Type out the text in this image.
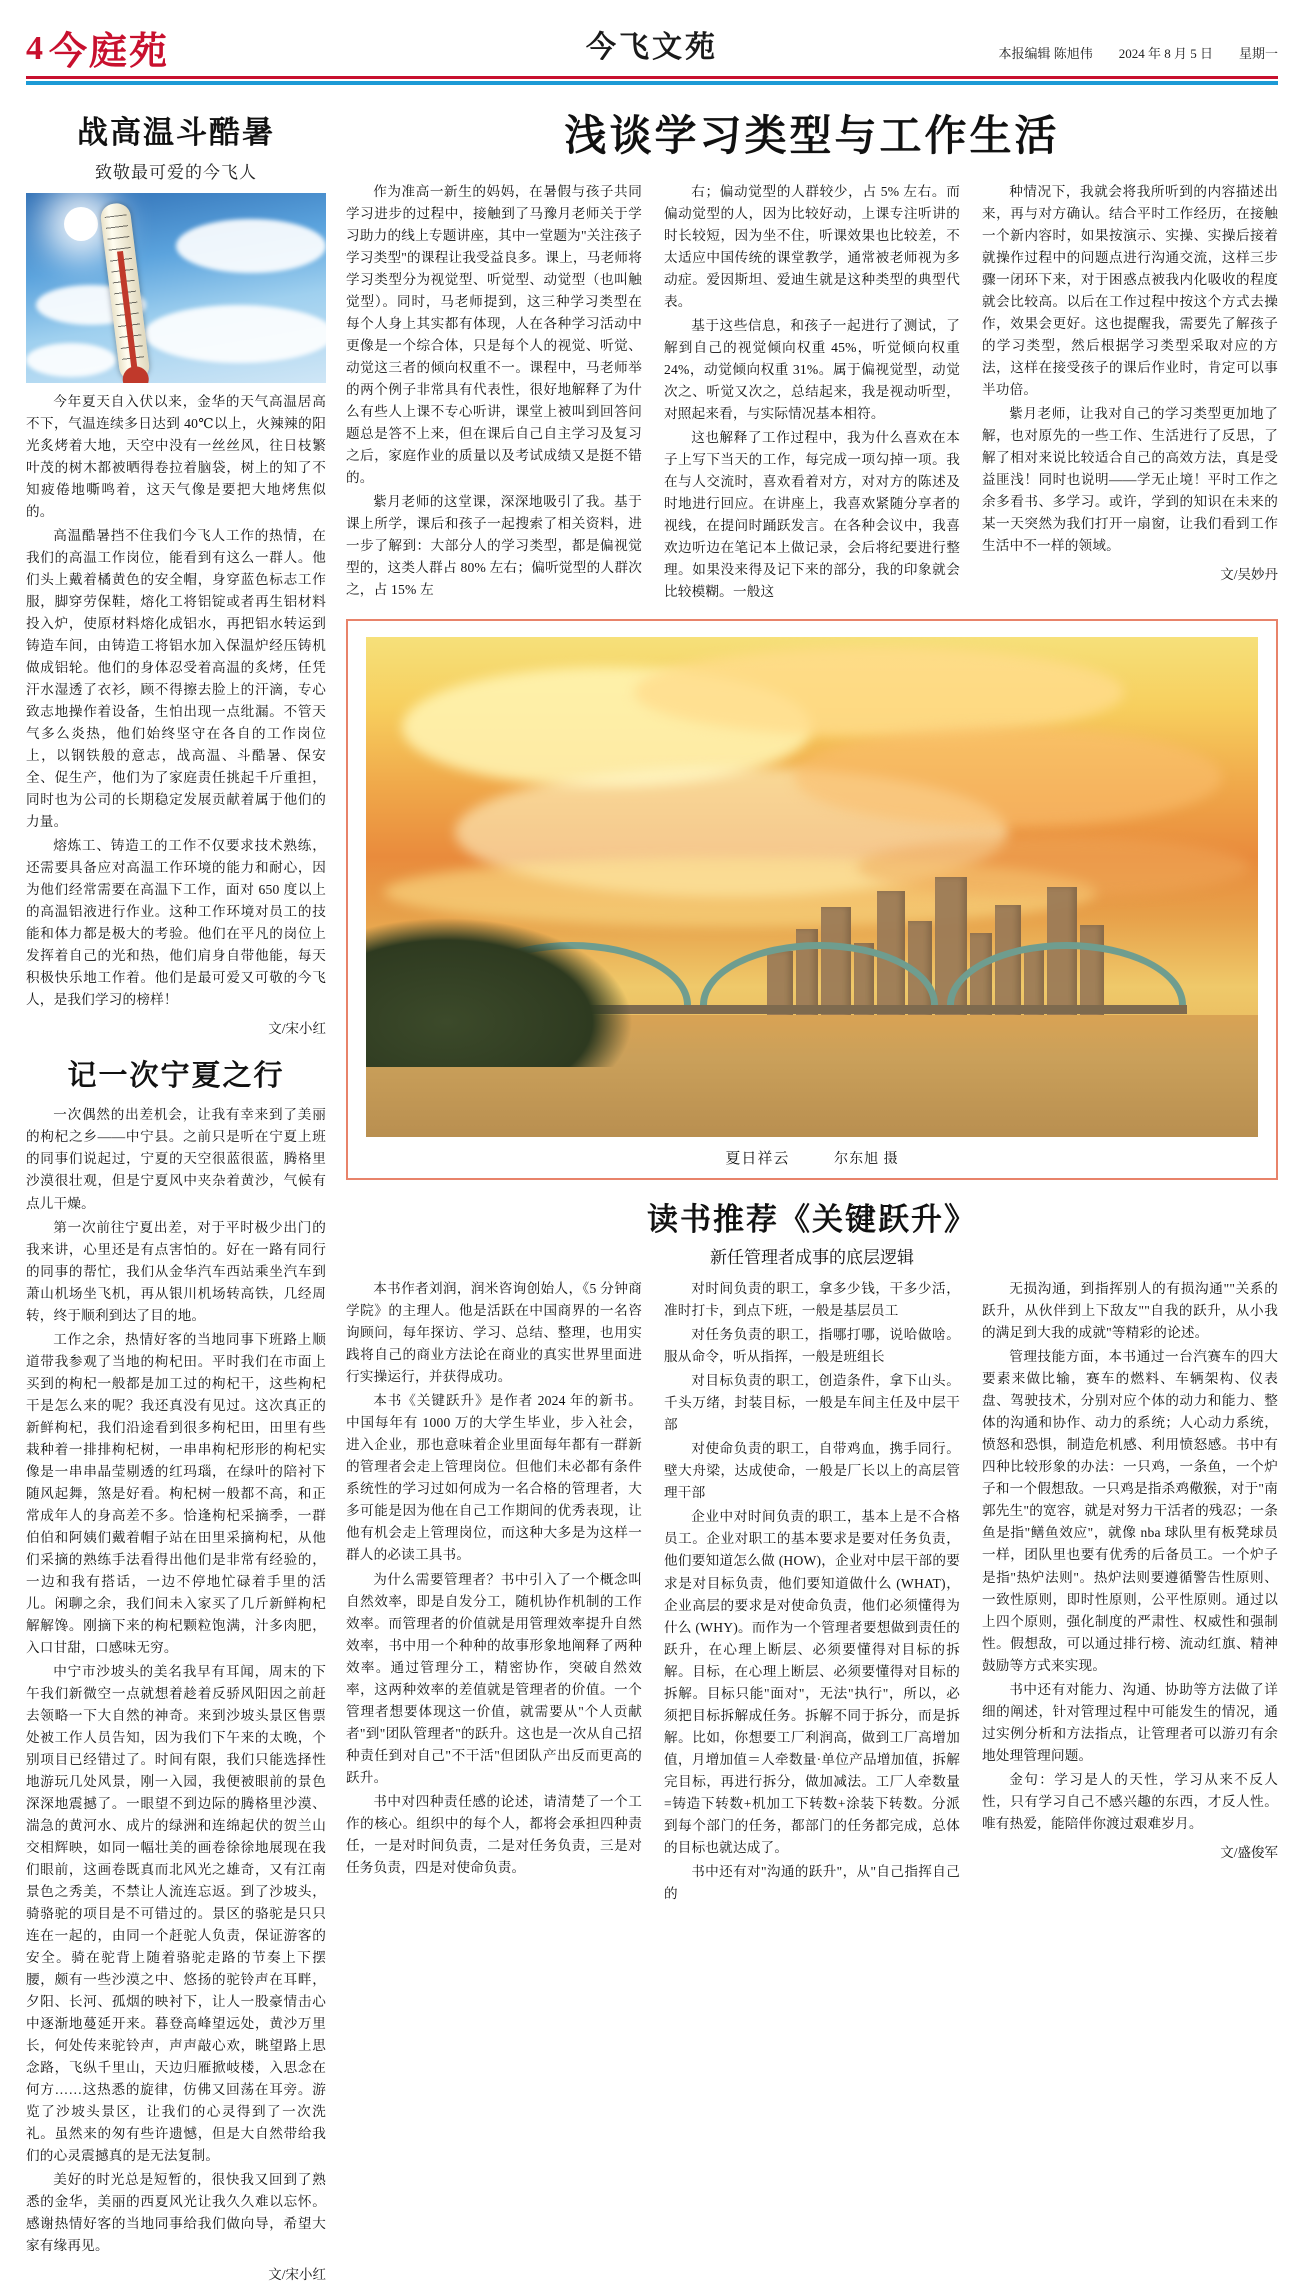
4 今庭苑	今飞文苑	本报编辑 陈旭伟 2024 年 8 月 5 日 星期一
战高温斗酷暑
致敬最可爱的今飞人

今年夏天自入伏以来，金华的天气高温居高不下，气温连续多日达到 40℃以上，火辣辣的阳光炙烤着大地，天空中没有一丝丝风，往日枝繁叶茂的树木都被晒得卷拉着脑袋，树上的知了不知疲倦地嘶鸣着，这天气像是要把大地烤焦似的。

高温酷暑挡不住我们今飞人工作的热情，在我们的高温工作岗位，能看到有这么一群人。他们头上戴着橘黄色的安全帽，身穿蓝色标志工作服，脚穿劳保鞋，熔化工将铝锭或者再生铝材料投入炉，使原材料熔化成铝水，再把铝水转运到铸造车间，由铸造工将铝水加入保温炉经压铸机做成铝轮。他们的身体忍受着高温的炙烤，任凭汗水湿透了衣衫，顾不得擦去脸上的汗滴，专心致志地操作着设备，生怕出现一点纰漏。不管天气多么炎热，他们始终坚守在各自的工作岗位上，以钢铁般的意志，战高温、斗酷暑、保安全、促生产，他们为了家庭责任挑起千斤重担，同时也为公司的长期稳定发展贡献着属于他们的力量。

熔炼工、铸造工的工作不仅要求技术熟练，还需要具备应对高温工作环境的能力和耐心，因为他们经常需要在高温下工作，面对 650 度以上的高温铝液进行作业。这种工作环境对员工的技能和体力都是极大的考验。他们在平凡的岗位上发挥着自己的光和热，他们肩身自带他能，每天积极快乐地工作着。他们是最可爱又可敬的今飞人，是我们学习的榜样！

文/宋小红
记一次宁夏之行

一次偶然的出差机会，让我有幸来到了美丽的枸杞之乡——中宁县。之前只是听在宁夏上班的同事们说起过，宁夏的天空很蓝很蓝，腾格里沙漠很壮观，但是宁夏风中夹杂着黄沙，气候有点儿干燥。

第一次前往宁夏出差，对于平时极少出门的我来讲，心里还是有点害怕的。好在一路有同行的同事的帮忙，我们从金华汽车西站乘坐汽车到萧山机场坐飞机，再从银川机场转高铁，几经周转，终于顺利到达了目的地。

工作之余，热情好客的当地同事下班路上顺道带我参观了当地的枸杞田。平时我们在市面上买到的枸杞一般都是加工过的枸杞干，这些枸杞干是怎么来的呢？我还真没有见过。这次真正的新鲜枸杞，我们沿途看到很多枸杞田，田里有些栽种着一排排枸杞树，一串串枸杞形形的枸杞实像是一串串晶莹剔透的红玛瑙，在绿叶的陪衬下随风起舞，煞是好看。枸杞树一般都不高，和正常成年人的身高差不多。恰逢枸杞采摘季，一群伯伯和阿姨们戴着帽子站在田里采摘枸杞，从他们采摘的熟练手法看得出他们是非常有经验的，一边和我有搭话，一边不停地忙碌着手里的活儿。闲聊之余，我们间未入家买了几斤新鲜枸杞解解馋。刚摘下来的枸杞颗粒饱满，汁多肉肥，入口甘甜，口感味无穷。

中宁市沙坡头的美名我早有耳闻，周末的下午我们新微空一点就想着趁着反骄风阳因之前赶去领略一下大自然的神奇。来到沙坡头景区售票处被工作人员告知，因为我们下午来的太晚，个别项目已经错过了。时间有限，我们只能选择性地游玩几处风景，刚一入园，我便被眼前的景色深深地震撼了。一眼望不到边际的腾格里沙漠、湍急的黄河水、成片的绿洲和连绵起伏的贺兰山交相辉映，如同一幅壮美的画卷徐徐地展现在我们眼前，这画卷既真而北风光之雄奇，又有江南景色之秀美，不禁让人流连忘返。到了沙坡头，骑骆驼的项目是不可错过的。景区的骆驼是只只连在一起的，由同一个赶驼人负责，保证游客的安全。骑在驼背上随着骆驼走路的节奏上下摆腰，颇有一些沙漠之中、悠扬的驼铃声在耳畔，夕阳、长河、孤烟的映衬下，让人一股豪情击心中逐渐地蔓延开来。暮登高峰望远处，黄沙万里长，何处传来驼铃声，声声敲心欢，眺望路上思念路，飞纵千里山，天边归雁掀岐楼，入思念在何方……这热悉的旋律，仿佛又回荡在耳旁。游览了沙坡头景区，让我们的心灵得到了一次洗礼。虽然来的匆有些许遗憾，但是大自然带给我们的心灵震撼真的是无法复制。

美好的时光总是短暂的，很快我又回到了熟悉的金华，美丽的西夏风光让我久久难以忘怀。感谢热情好客的当地同事给我们做向导，希望大家有缘再见。

文/宋小红
浅谈学习类型与工作生活

作为准高一新生的妈妈，在暑假与孩子共同学习进步的过程中，接触到了马豫月老师关于学习助力的线上专题讲座，其中一堂题为"关注孩子学习类型"的课程让我受益良多。课上，马老师将学习类型分为视觉型、听觉型、动觉型（也叫触觉型）。同时，马老师提到，这三种学习类型在每个人身上其实都有体现，人在各种学习活动中更像是一个综合体，只是每个人的视觉、听觉、动觉这三者的倾向权重不一。课程中，马老师举的两个例子非常具有代表性，很好地解释了为什么有些人上课不专心听讲，课堂上被叫到回答问题总是答不上来，但在课后自己自主学习及复习之后，家庭作业的质量以及考试成绩又是挺不错的。

紫月老师的这堂课，深深地吸引了我。基于课上所学，课后和孩子一起搜索了相关资料，进一步了解到：大部分人的学习类型，都是偏视觉型的，这类人群占 80% 左右；偏听觉型的人群次之，占 15% 左

右；偏动觉型的人群较少，占 5% 左右。而偏动觉型的人，因为比较好动，上课专注听讲的时长较短，因为坐不住，听课效果也比较差，不太适应中国传统的课堂教学，通常被老师视为多动症。爱因斯坦、爱迪生就是这种类型的典型代表。

基于这些信息，和孩子一起进行了测试，了解到自己的视觉倾向权重 45%，听觉倾向权重 24%，动觉倾向权重 31%。属于偏视觉型，动觉次之、听觉又次之，总结起来，我是视动听型，对照起来看，与实际情况基本相符。

这也解释了工作过程中，我为什么喜欢在本子上写下当天的工作，每完成一项勾掉一项。我在与人交流时，喜欢看着对方，对对方的陈述及时地进行回应。在讲座上，我喜欢紧随分享者的视线，在提问时踊跃发言。在各种会议中，我喜欢边听边在笔记本上做记录，会后将纪要进行整理。如果没来得及记下来的部分，我的印象就会比较模糊。一般这

种情况下，我就会将我所听到的内容描述出来，再与对方确认。结合平时工作经历，在接触一个新内容时，如果按演示、实操、实操后接着就操作过程中的问题点进行沟通交流，这样三步骤一闭环下来，对于困惑点被我内化吸收的程度就会比较高。以后在工作过程中按这个方式去操作，效果会更好。这也提醒我，需要先了解孩子的学习类型，然后根据学习类型采取对应的方法，这样在接受孩子的课后作业时，肯定可以事半功倍。

紫月老师，让我对自己的学习类型更加地了解，也对原先的一些工作、生活进行了反思，了解了相对来说比较适合自己的高效方法，真是受益匪浅！同时也说明——学无止境！平时工作之余多看书、多学习。或许，学到的知识在未来的某一天突然为我们打开一扇窗，让我们看到工作生活中不一样的领域。

文/吴妙丹
夏日祥云	尔东旭 摄
读书推荐《关键跃升》
新任管理者成事的底层逻辑

本书作者刘润，润米咨询创始人，《5 分钟商学院》的主理人。他是活跃在中国商界的一名咨询顾问，每年探访、学习、总结、整理，也用实践将自己的商业方法论在商业的真实世界里面进行实操运行，并获得成功。

本书《关键跃升》是作者 2024 年的新书。中国每年有 1000 万的大学生毕业，步入社会，进入企业，那也意味着企业里面每年都有一群新的管理者会走上管理岗位。但他们未必都有条件系统性的学习过如何成为一名合格的管理者，大多可能是因为他在自己工作期间的优秀表现，让他有机会走上管理岗位，而这种大多是为这样一群人的必读工具书。

为什么需要管理者？书中引入了一个概念叫自然效率，即是自发分工，随机协作机制的工作效率。而管理者的价值就是用管理效率提升自然效率，书中用一个种种的故事形象地阐释了两种效率。通过管理分工，精密协作，突破自然效率，这两种效率的差值就是管理者的价值。一个管理者想要体现这一价值，就需要从"个人贡献者"到"团队管理者"的跃升。这也是一次从自己招种责任到对自己"不干活"但团队产出反而更高的跃升。

书中对四种责任感的论述，请清楚了一个工作的核心。组织中的每个人，都将会承担四种责任，一是对时间负责，二是对任务负责，三是对任务负责，四是对使命负责。

对时间负责的职工，拿多少钱，干多少活，准时打卡，到点下班，一般是基层员工

对任务负责的职工，指哪打哪，说哈做啥。服从命令，听从指挥，一般是班组长

对目标负责的职工，创造条件，拿下山头。千头万绪，封装目标，一般是车间主任及中层干部

对使命负责的职工，自带鸡血，携手同行。壁大舟梁，达成使命，一般是厂长以上的高层管理干部

企业中对时间负责的职工，基本上是不合格员工。企业对职工的基本要求是要对任务负责，他们要知道怎么做 (HOW)，企业对中层干部的要求是对目标负责，他们要知道做什么 (WHAT)，企业高层的要求是对使命负责，他们必须懂得为什么 (WHY)。而作为一个管理者要想做到责任的跃升，在心理上断层、必须要懂得对目标的拆解。目标，在心理上断层、必须要懂得对目标的拆解。目标只能"面对"，无法"执行"，所以，必须把目标拆解成任务。拆解不同于拆分，而是拆解。比如，你想要工厂利润高，做到工厂高增加值，月增加值＝人牵数量·单位产品增加值，拆解完目标，再进行拆分，做加减法。工厂人牵数量=铸造下转数+机加工下转数+涂装下转数。分派到每个部门的任务，都部门的任务都完成，总体的目标也就达成了。

书中还有对"沟通的跃升"，从"自己指挥自己的

无损沟通，到指挥别人的有损沟通""关系的跃升，从伙伴到上下敌友""自我的跃升，从小我的满足到大我的成就"等精彩的论述。

管理技能方面，本书通过一台汽赛车的四大要素来做比输，赛车的燃料、车辆架构、仪表盘、驾驶技术，分别对应个体的动力和能力、整体的沟通和协作、动力的系统；人心动力系统，愤怒和恐惧，制造危机感、利用愤怒感。书中有四种比较形象的办法：一只鸡，一条鱼，一个炉子和一个假想敌。一只鸡是指杀鸡儆猴，对于"南郭先生"的宽容，就是对努力干活者的残忍；一条鱼是指"鳝鱼效应"，就像 nba 球队里有板凳球员一样，团队里也要有优秀的后备员工。一个炉子是指"热炉法则"。热炉法则要遵循警告性原则、一致性原则，即时性原则，公平性原则。通过以上四个原则，强化制度的严肃性、权威性和强制性。假想敌，可以通过排行榜、流动红旗、精神鼓励等方式来实现。

书中还有对能力、沟通、协助等方法做了详细的阐述，针对管理过程中可能发生的情况，通过实例分析和方法指点，让管理者可以游刃有余地处理管理问题。

金句：学习是人的天性，学习从来不反人性，只有学习自己不感兴趣的东西，才反人性。唯有热爱，能陪伴你渡过艰难岁月。

文/盛俊军
